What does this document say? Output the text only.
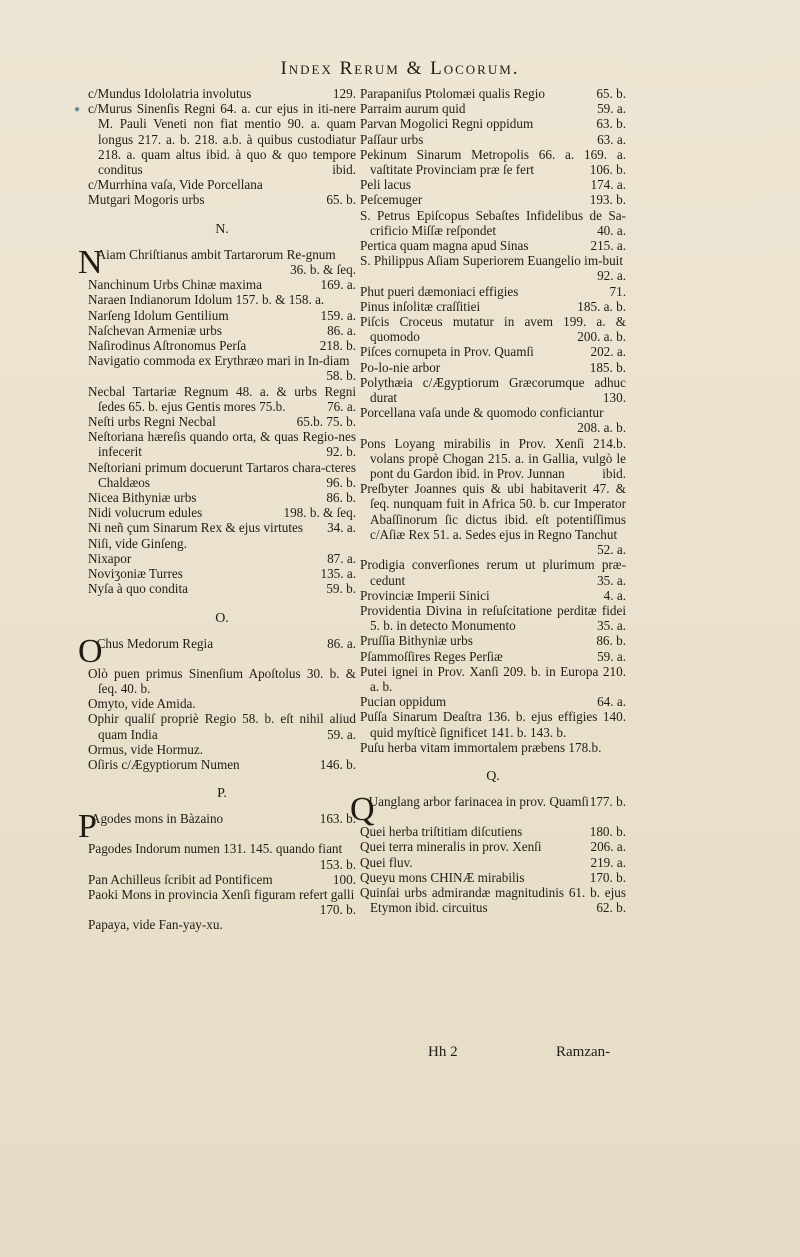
Index Rerum & Locorum.
●
c/Mundus Idololatria involutus	129.
c/Murus Sinenſis Regni 64. a. cur ejus in iti-nere M. Pauli Veneti non fiat mentio 90. a. quam longus 217. a. b. 218. a.b. à quibus custodiatur 218. a. quam altus ibid. à quo & quo tempore conditus	ibid.
c/Murrhina vaſa, Vide Porcellana
Mutgari Mogoris urbs	65. b.
N.
N
Aiam Chriſtianus ambit Tartarorum Re-gnum
36. b. & ſeq.
Nanchinum Urbs Chinæ maxima	169. a.
Naraen Indianorum Idolum 157. b. & 158. a.
Narſeng Idolum Gentilium	159. a.
Naſchevan Armeniæ urbs	86. a.
Naſirodinus Aſtronomus Perſa	218. b.
Navigatio commoda ex Erythræo mari in In-diam
58. b.
Necbal Tartariæ Regnum 48. a. & urbs Regni ſedes 65. b. ejus Gentis mores 75.b.	76. a.
Neſti urbs Regni Necbal	65.b. 75. b.
Neſtoriana hæreſis quando orta, & quas Regio-nes infecerit	92. b.
Neſtoriani primum docuerunt Tartaros chara-cteres Chaldæos	96. b.
Nicea Bithyniæ urbs	86. b.
Nidi volucrum edules	198. b. & ſeq.
Ni neñ çum Sinarum Rex & ejus virtutes 34. a.
Niſi, vide Ginſeng.
Nixapor	87. a.
Noviʒoniæ Turres	135. a.
Nyſa à quo condita	59. b.
O.
O
Chus Medorum Regia	86. a.
Olò puen primus Sinenſium Apoſtolus 30. b. & ſeq. 40. b.
Omyto, vide Amida.
Ophir qualiſ propriè Regio 58. b. eſt nihil aliud quam India	59. a.
Ormus, vide Hormuz.
Oſiris c/Ægyptiorum Numen	146. b.
P.
P
Agodes mons in Bàzaino	163. b.
Pagodes Indorum numen 131. 145. quando fiant
153. b.
Pan Achilleus ſcribit ad Pontificem	100.
Paoki Mons in provincia Xenſi figuram refert galli
170. b.
Papaya, vide Fan-yay-xu.
Parapaniſus Ptolomæi qualis Regio	65. b.
Parraim aurum quid	59. a.
Parvan Mogolici Regni oppidum	63. b.
Paſſaur urbs	63. a.
Pekinum Sinarum Metropolis 66. a. 169. a. vaſtitate Provinciam præ ſe fert	106. b.
Peli lacus	174. a.
Peſcemuger	193. b.
S. Petrus Epiſcopus Sebaſtes Infidelibus de Sa-crificio Miſſæ reſpondet	40. a.
Pertica quam magna apud Sinas	215. a.
S. Philippus Aſiam Superiorem Euangelio im-buit
92. a.
Phut pueri dæmoniaci effigies	71.
Pinus inſolitæ craſſitiei	185. a. b.
Piſcis Croceus mutatur in avem 199. a. & quomodo	200. a. b.
Piſces cornupeta in Prov. Quamſi	202. a.
Po-lo-nie arbor	185. b.
Polythæia c/Ægyptiorum Græcorumque adhuc durat	130.
Porcellana vaſa unde & quomodo conficiantur
208. a. b.
Pons Loyang mirabilis in Prov. Xenſi 214.b. volans propè Chogan 215. a. in Gallia, vulgò le pont du Gardon ibid. in Prov. Junnan	ibid.
Preſbyter Joannes quis & ubi habitaverit 47. & ſeq. nunquam fuit in Africa 50. b. cur Imperator Abaſſinorum ſic dictus ibid. eſt potentiſſimus c/Aſiæ Rex 51. a. Sedes ejus in Regno Tanchut
52. a.
Prodigia converſiones rerum ut plurimum præ-cedunt	35. a.
Provinciæ Imperii Sinici	4. a.
Providentia Divina in reſuſcitatione perditæ fidei 5. b. in detecto Monumento	35. a.
Pruſſia Bithyniæ urbs	86. b.
Pſammoſſires Reges Perſiæ	59. a.
Putei ignei in Prov. Xanſi 209. b. in Europa 210. a. b.
Pucian oppidum	64. a.
Puſſa Sinarum Deaſtra 136. b. ejus effigies 140. quid myſticè ſignificet 141. b. 143. b.
Puſu herba vitam immortalem præbens 178.b.
Q.
Q
Uanglang arbor farinacea in prov. Quamſi 177. b.
Quei herba triſtitiam diſcutiens	180. b.
Quei terra mineralis in prov. Xenſi	206. a.
Quei fluv.	219. a.
Queyu mons CHINÆ mirabilis	170. b.
Quinſai urbs admirandæ magnitudinis 61. b. ejus Etymon ibid. circuitus	62. b.
Hh 2	Ramzan-
